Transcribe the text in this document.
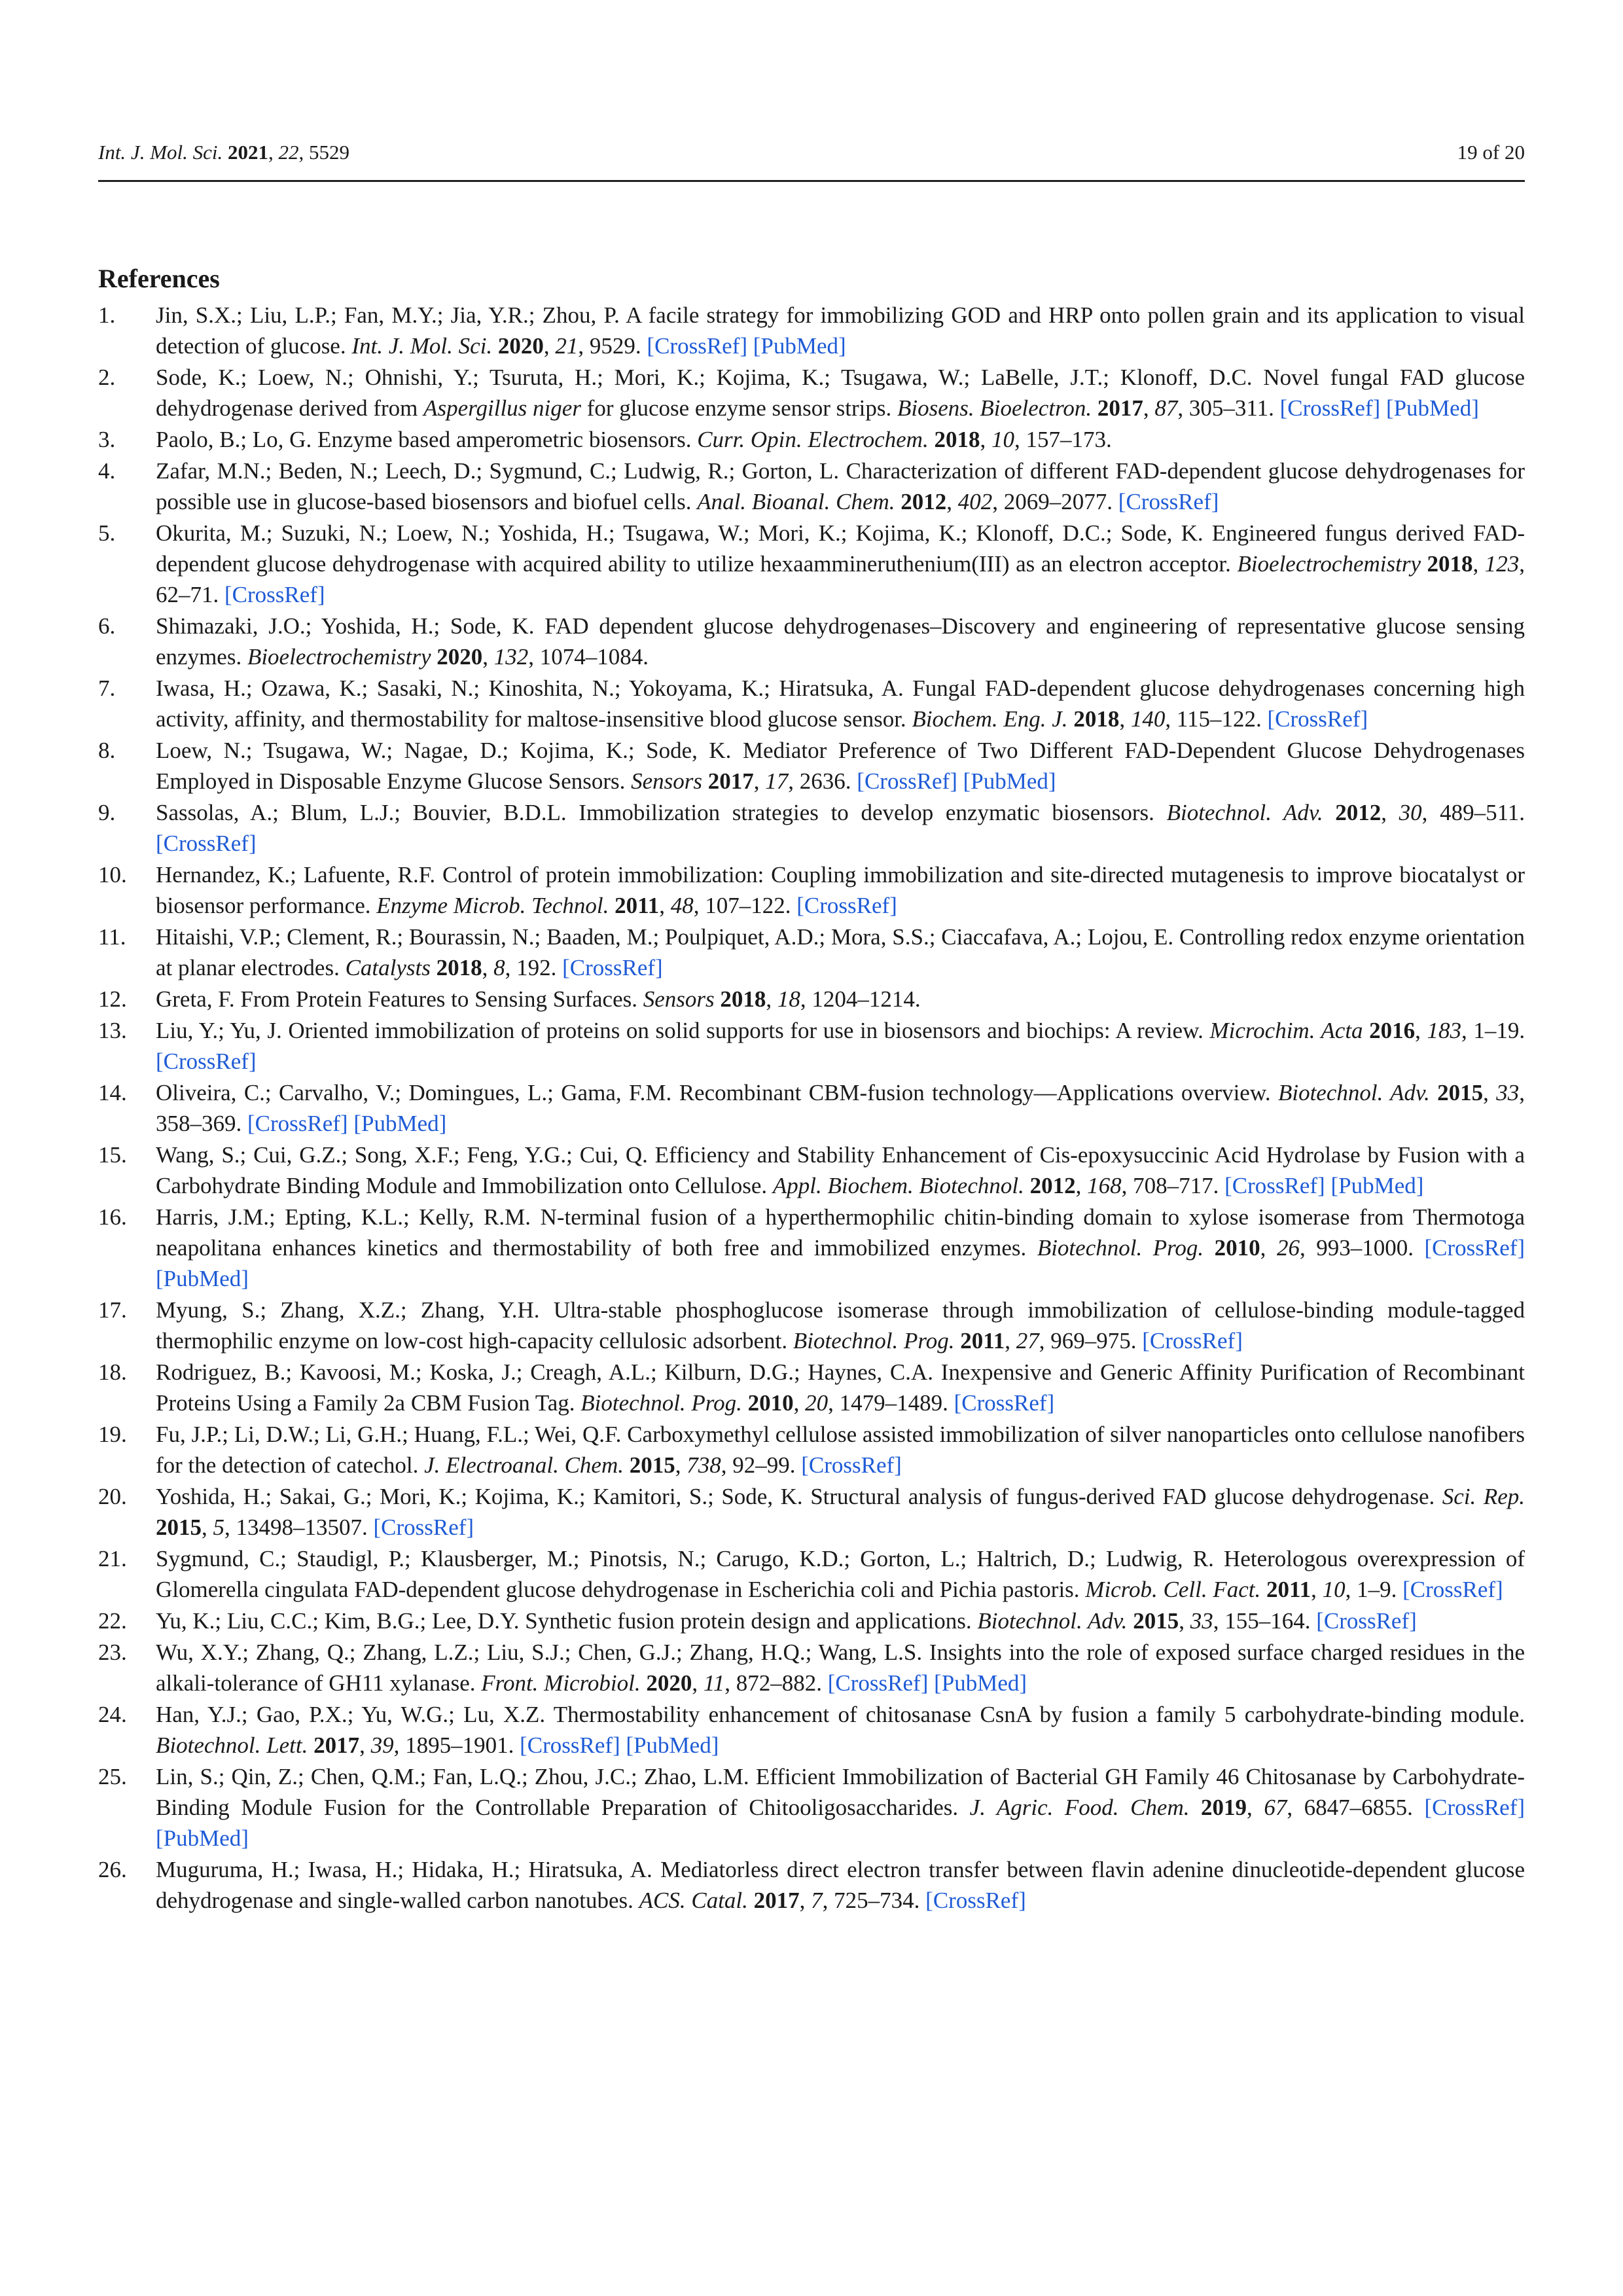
Int. J. Mol. Sci. 2021, 22, 5529	19 of 20
References
1. Jin, S.X.; Liu, L.P.; Fan, M.Y.; Jia, Y.R.; Zhou, P. A facile strategy for immobilizing GOD and HRP onto pollen grain and its application to visual detection of glucose. Int. J. Mol. Sci. 2020, 21, 9529. [CrossRef] [PubMed]
2. Sode, K.; Loew, N.; Ohnishi, Y.; Tsuruta, H.; Mori, K.; Kojima, K.; Tsugawa, W.; LaBelle, J.T.; Klonoff, D.C. Novel fungal FAD glucose dehydrogenase derived from Aspergillus niger for glucose enzyme sensor strips. Biosens. Bioelectron. 2017, 87, 305–311. [CrossRef] [PubMed]
3. Paolo, B.; Lo, G. Enzyme based amperometric biosensors. Curr. Opin. Electrochem. 2018, 10, 157–173.
4. Zafar, M.N.; Beden, N.; Leech, D.; Sygmund, C.; Ludwig, R.; Gorton, L. Characterization of different FAD-dependent glucose dehydrogenases for possible use in glucose-based biosensors and biofuel cells. Anal. Bioanal. Chem. 2012, 402, 2069–2077. [CrossRef]
5. Okurita, M.; Suzuki, N.; Loew, N.; Yoshida, H.; Tsugawa, W.; Mori, K.; Kojima, K.; Klonoff, D.C.; Sode, K. Engineered fungus derived FAD-dependent glucose dehydrogenase with acquired ability to utilize hexaammineruthenium(III) as an electron acceptor. Bioelectrochemistry 2018, 123, 62–71. [CrossRef]
6. Shimazaki, J.O.; Yoshida, H.; Sode, K. FAD dependent glucose dehydrogenases–Discovery and engineering of representative glucose sensing enzymes. Bioelectrochemistry 2020, 132, 1074–1084.
7. Iwasa, H.; Ozawa, K.; Sasaki, N.; Kinoshita, N.; Yokoyama, K.; Hiratsuka, A. Fungal FAD-dependent glucose dehydrogenases concerning high activity, affinity, and thermostability for maltose-insensitive blood glucose sensor. Biochem. Eng. J. 2018, 140, 115–122. [CrossRef]
8. Loew, N.; Tsugawa, W.; Nagae, D.; Kojima, K.; Sode, K. Mediator Preference of Two Different FAD-Dependent Glucose Dehydrogenases Employed in Disposable Enzyme Glucose Sensors. Sensors 2017, 17, 2636. [CrossRef] [PubMed]
9. Sassolas, A.; Blum, L.J.; Bouvier, B.D.L. Immobilization strategies to develop enzymatic biosensors. Biotechnol. Adv. 2012, 30, 489–511. [CrossRef]
10. Hernandez, K.; Lafuente, R.F. Control of protein immobilization: Coupling immobilization and site-directed mutagenesis to improve biocatalyst or biosensor performance. Enzyme Microb. Technol. 2011, 48, 107–122. [CrossRef]
11. Hitaishi, V.P.; Clement, R.; Bourassin, N.; Baaden, M.; Poulpiquet, A.D.; Mora, S.S.; Ciaccafava, A.; Lojou, E. Controlling redox enzyme orientation at planar electrodes. Catalysts 2018, 8, 192. [CrossRef]
12. Greta, F. From Protein Features to Sensing Surfaces. Sensors 2018, 18, 1204–1214.
13. Liu, Y.; Yu, J. Oriented immobilization of proteins on solid supports for use in biosensors and biochips: A review. Microchim. Acta 2016, 183, 1–19. [CrossRef]
14. Oliveira, C.; Carvalho, V.; Domingues, L.; Gama, F.M. Recombinant CBM-fusion technology—Applications overview. Biotechnol. Adv. 2015, 33, 358–369. [CrossRef] [PubMed]
15. Wang, S.; Cui, G.Z.; Song, X.F.; Feng, Y.G.; Cui, Q. Efficiency and Stability Enhancement of Cis-epoxysuccinic Acid Hydrolase by Fusion with a Carbohydrate Binding Module and Immobilization onto Cellulose. Appl. Biochem. Biotechnol. 2012, 168, 708–717. [CrossRef] [PubMed]
16. Harris, J.M.; Epting, K.L.; Kelly, R.M. N-terminal fusion of a hyperthermophilic chitin-binding domain to xylose isomerase from Thermotoga neapolitana enhances kinetics and thermostability of both free and immobilized enzymes. Biotechnol. Prog. 2010, 26, 993–1000. [CrossRef] [PubMed]
17. Myung, S.; Zhang, X.Z.; Zhang, Y.H. Ultra-stable phosphoglucose isomerase through immobilization of cellulose-binding module-tagged thermophilic enzyme on low-cost high-capacity cellulosic adsorbent. Biotechnol. Prog. 2011, 27, 969–975. [CrossRef]
18. Rodriguez, B.; Kavoosi, M.; Koska, J.; Creagh, A.L.; Kilburn, D.G.; Haynes, C.A. Inexpensive and Generic Affinity Purification of Recombinant Proteins Using a Family 2a CBM Fusion Tag. Biotechnol. Prog. 2010, 20, 1479–1489. [CrossRef]
19. Fu, J.P.; Li, D.W.; Li, G.H.; Huang, F.L.; Wei, Q.F. Carboxymethyl cellulose assisted immobilization of silver nanoparticles onto cellulose nanofibers for the detection of catechol. J. Electroanal. Chem. 2015, 738, 92–99. [CrossRef]
20. Yoshida, H.; Sakai, G.; Mori, K.; Kojima, K.; Kamitori, S.; Sode, K. Structural analysis of fungus-derived FAD glucose dehydrogenase. Sci. Rep. 2015, 5, 13498–13507. [CrossRef]
21. Sygmund, C.; Staudigl, P.; Klausberger, M.; Pinotsis, N.; Carugo, K.D.; Gorton, L.; Haltrich, D.; Ludwig, R. Heterologous overexpression of Glomerella cingulata FAD-dependent glucose dehydrogenase in Escherichia coli and Pichia pastoris. Microb. Cell. Fact. 2011, 10, 1–9. [CrossRef]
22. Yu, K.; Liu, C.C.; Kim, B.G.; Lee, D.Y. Synthetic fusion protein design and applications. Biotechnol. Adv. 2015, 33, 155–164. [CrossRef]
23. Wu, X.Y.; Zhang, Q.; Zhang, L.Z.; Liu, S.J.; Chen, G.J.; Zhang, H.Q.; Wang, L.S. Insights into the role of exposed surface charged residues in the alkali-tolerance of GH11 xylanase. Front. Microbiol. 2020, 11, 872–882. [CrossRef] [PubMed]
24. Han, Y.J.; Gao, P.X.; Yu, W.G.; Lu, X.Z. Thermostability enhancement of chitosanase CsnA by fusion a family 5 carbohydrate-binding module. Biotechnol. Lett. 2017, 39, 1895–1901. [CrossRef] [PubMed]
25. Lin, S.; Qin, Z.; Chen, Q.M.; Fan, L.Q.; Zhou, J.C.; Zhao, L.M. Efficient Immobilization of Bacterial GH Family 46 Chitosanase by Carbohydrate-Binding Module Fusion for the Controllable Preparation of Chitooligosaccharides. J. Agric. Food. Chem. 2019, 67, 6847–6855. [CrossRef] [PubMed]
26. Muguruma, H.; Iwasa, H.; Hidaka, H.; Hiratsuka, A. Mediatorless direct electron transfer between flavin adenine dinucleotide-dependent glucose dehydrogenase and single-walled carbon nanotubes. ACS. Catal. 2017, 7, 725–734. [CrossRef]
